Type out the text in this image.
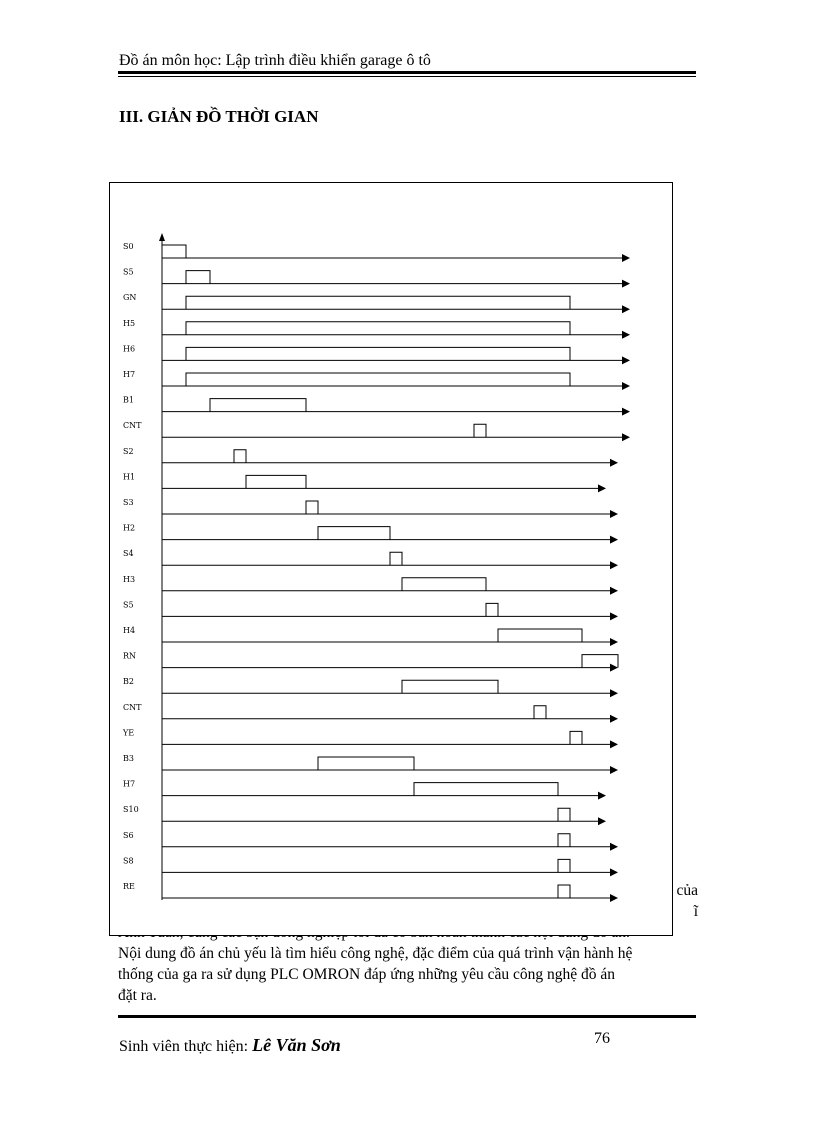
Đồ án môn học: Lập trình điều khiển garage ô tô
III. GIẢN ĐỒ THỜI GIAN
của
ĩ
Nội dung đồ án chủ yếu là tìm hiểu công nghệ, đặc điểm của quá trình vận hành hệ
thống của ga ra sử dụng PLC OMRON đáp ứng những yêu cầu công nghệ đồ án
đặt ra.
S0
S5
GN
H5
H6
H7
B1
CNT
S2
H1
S3
H2
S4
H3
S5
H4
RN
B2
CNT
YE
B3
H7
S10
S6
S8
RE
Sinh viên thực hiện: Lê Văn Sơn	76
